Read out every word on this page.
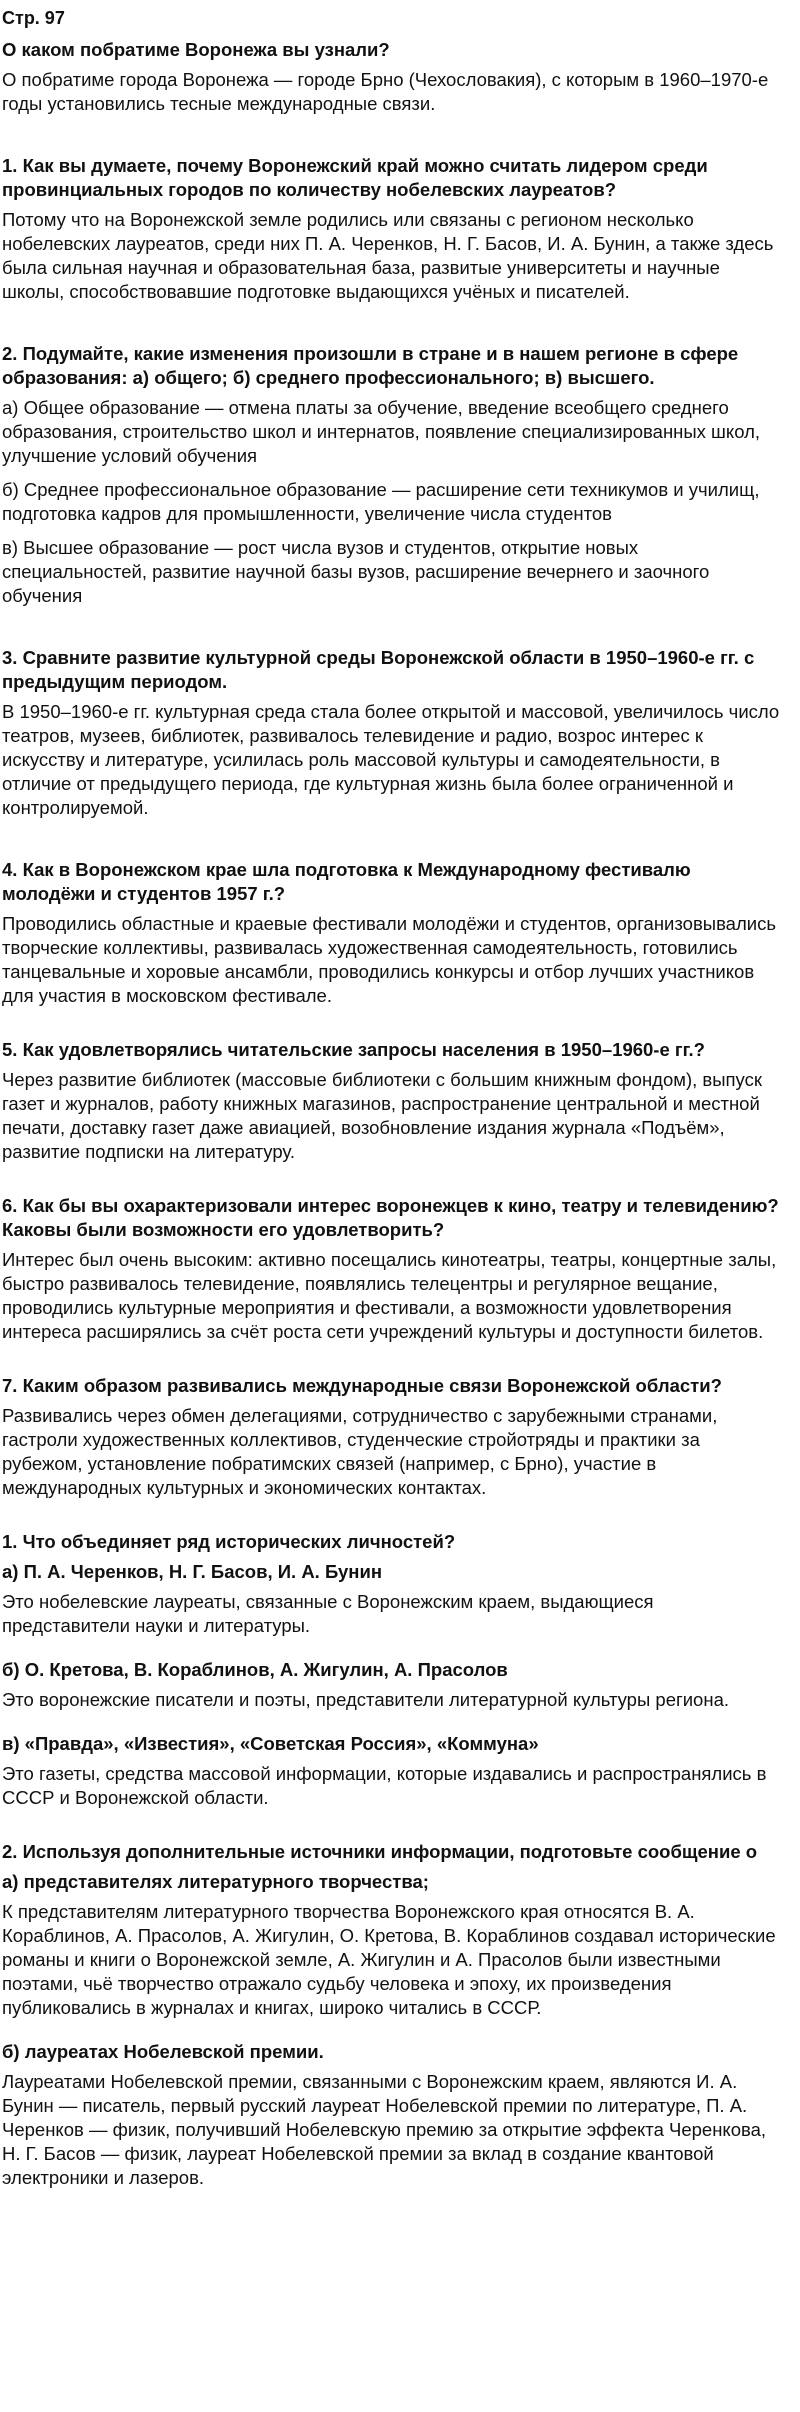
Стр. 97
О каком побратиме Воронежа вы узнали?
О побратиме города Воронежа — городе Брно (Чехословакия), с которым в 1960–1970-е годы установились тесные международные связи.
1. Как вы думаете, почему Воронежский край можно считать лидером среди провинциальных городов по количеству нобелевских лауреатов?
Потому что на Воронежской земле родились или связаны с регионом несколько нобелевских лауреатов, среди них П. А. Черенков, Н. Г. Басов, И. А. Бунин, а также здесь была сильная научная и образовательная база, развитые университеты и научные школы, способствовавшие подготовке выдающихся учёных и писателей.
2. Подумайте, какие изменения произошли в стране и в нашем регионе в сфере образования: а) общего; б) среднего профессионального; в) высшего.
а) Общее образование — отмена платы за обучение, введение всеобщего среднего образования, строительство школ и интернатов, появление специализированных школ, улучшение условий обучения
б) Среднее профессиональное образование — расширение сети техникумов и училищ, подготовка кадров для промышленности, увеличение числа студентов
в) Высшее образование — рост числа вузов и студентов, открытие новых специальностей, развитие научной базы вузов, расширение вечернего и заочного обучения
3. Сравните развитие культурной среды Воронежской области в 1950–1960-е гг. с предыдущим периодом.
В 1950–1960-е гг. культурная среда стала более открытой и массовой, увеличилось число театров, музеев, библиотек, развивалось телевидение и радио, возрос интерес к искусству и литературе, усилилась роль массовой культуры и самодеятельности, в отличие от предыдущего периода, где культурная жизнь была более ограниченной и контролируемой.
4. Как в Воронежском крае шла подготовка к Международному фестивалю молодёжи и студентов 1957 г.?
Проводились областные и краевые фестивали молодёжи и студентов, организовывались творческие коллективы, развивалась художественная самодеятельность, готовились танцевальные и хоровые ансамбли, проводились конкурсы и отбор лучших участников для участия в московском фестивале.
5. Как удовлетворялись читательские запросы населения в 1950–1960-е гг.?
Через развитие библиотек (массовые библиотеки с большим книжным фондом), выпуск газет и журналов, работу книжных магазинов, распространение центральной и местной печати, доставку газет даже авиацией, возобновление издания журнала «Подъём», развитие подписки на литературу.
6. Как бы вы охарактеризовали интерес воронежцев к кино, театру и телевидению? Каковы были возможности его удовлетворить?
Интерес был очень высоким: активно посещались кинотеатры, театры, концертные залы, быстро развивалось телевидение, появлялись телецентры и регулярное вещание, проводились культурные мероприятия и фестивали, а возможности удовлетворения интереса расширялись за счёт роста сети учреждений культуры и доступности билетов.
7. Каким образом развивались международные связи Воронежской области?
Развивались через обмен делегациями, сотрудничество с зарубежными странами, гастроли художественных коллективов, студенческие стройотряды и практики за рубежом, установление побратимских связей (например, с Брно), участие в международных культурных и экономических контактах.
1. Что объединяет ряд исторических личностей?
а) П. А. Черенков, Н. Г. Басов, И. А. Бунин
Это нобелевские лауреаты, связанные с Воронежским краем, выдающиеся представители науки и литературы.
б) О. Кретова, В. Кораблинов, А. Жигулин, А. Прасолов
Это воронежские писатели и поэты, представители литературной культуры региона.
в) «Правда», «Известия», «Советская Россия», «Коммуна»
Это газеты, средства массовой информации, которые издавались и распространялись в СССР и Воронежской области.
2. Используя дополнительные источники информации, подготовьте сообщение о
а) представителях литературного творчества;
К представителям литературного творчества Воронежского края относятся В. А. Кораблинов, А. Прасолов, А. Жигулин, О. Кретова, В. Кораблинов создавал исторические романы и книги о Воронежской земле, А. Жигулин и А. Прасолов были известными поэтами, чьё творчество отражало судьбу человека и эпоху, их произведения публиковались в журналах и книгах, широко читались в СССР.
б) лауреатах Нобелевской премии.
Лауреатами Нобелевской премии, связанными с Воронежским краем, являются И. А. Бунин — писатель, первый русский лауреат Нобелевской премии по литературе, П. А. Черенков — физик, получивший Нобелевскую премию за открытие эффекта Черенкова, Н. Г. Басов — физик, лауреат Нобелевской премии за вклад в создание квантовой электроники и лазеров.
